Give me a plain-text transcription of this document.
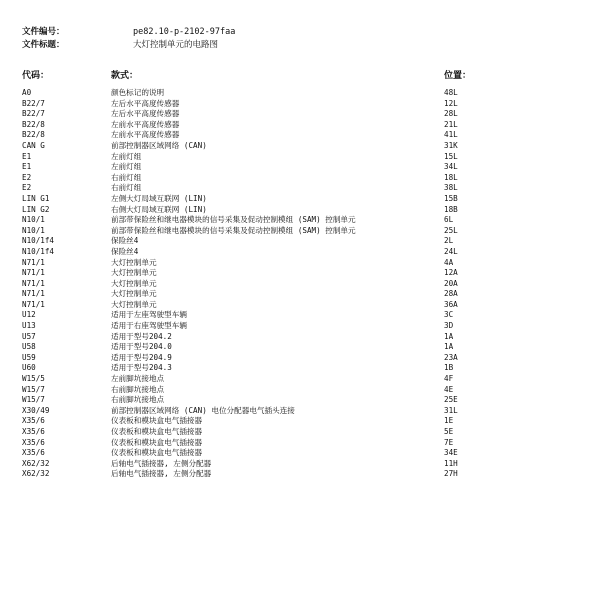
文件编号：	pe82.10-p-2102-97faa
文件标题：	大灯控制单元的电路图
代码：	款式：	位置：
A0	颜色标记的说明	48L
B22/7	左后水平高度传感器	12L
B22/7	左后水平高度传感器	28L
B22/8	左前水平高度传感器	21L
B22/8	左前水平高度传感器	41L
CAN G	前部控制器区域网络 (CAN)	31K
E1	左前灯组	15L
E1	左前灯组	34L
E2	右前灯组	18L
E2	右前灯组	38L
LIN G1	左侧大灯局域互联网 (LIN)	15B
LIN G2	右侧大灯局域互联网 (LIN)	18B
N10/1	前部带保险丝和继电器模块的信号采集及促动控制模组 (SAM) 控制单元	6L
N10/1	前部带保险丝和继电器模块的信号采集及促动控制模组 (SAM) 控制单元	25L
N10/1f4	保险丝4	2L
N10/1f4	保险丝4	24L
N71/1	大灯控制单元	4A
N71/1	大灯控制单元	12A
N71/1	大灯控制单元	20A
N71/1	大灯控制单元	28A
N71/1	大灯控制单元	36A
U12	适用于左座驾驶型车辆	3C
U13	适用于右座驾驶型车辆	3D
U57	适用于型号204.2	1A
U58	适用于型号204.0	1A
U59	适用于型号204.9	23A
U60	适用于型号204.3	1B
W15/5	左前脚坑接地点	4F
W15/7	右前脚坑接地点	4E
W15/7	右前脚坑接地点	25E
X30/49	前部控制器区域网络 (CAN) 电位分配器电气插头连接	31L
X35/6	仪表板和模块盒电气插接器	1E
X35/6	仪表板和模块盒电气插接器	5E
X35/6	仪表板和模块盒电气插接器	7E
X35/6	仪表板和模块盒电气插接器	34E
X62/32	后轴电气插接器, 左侧分配器	11H
X62/32	后轴电气插接器, 左侧分配器	27H
